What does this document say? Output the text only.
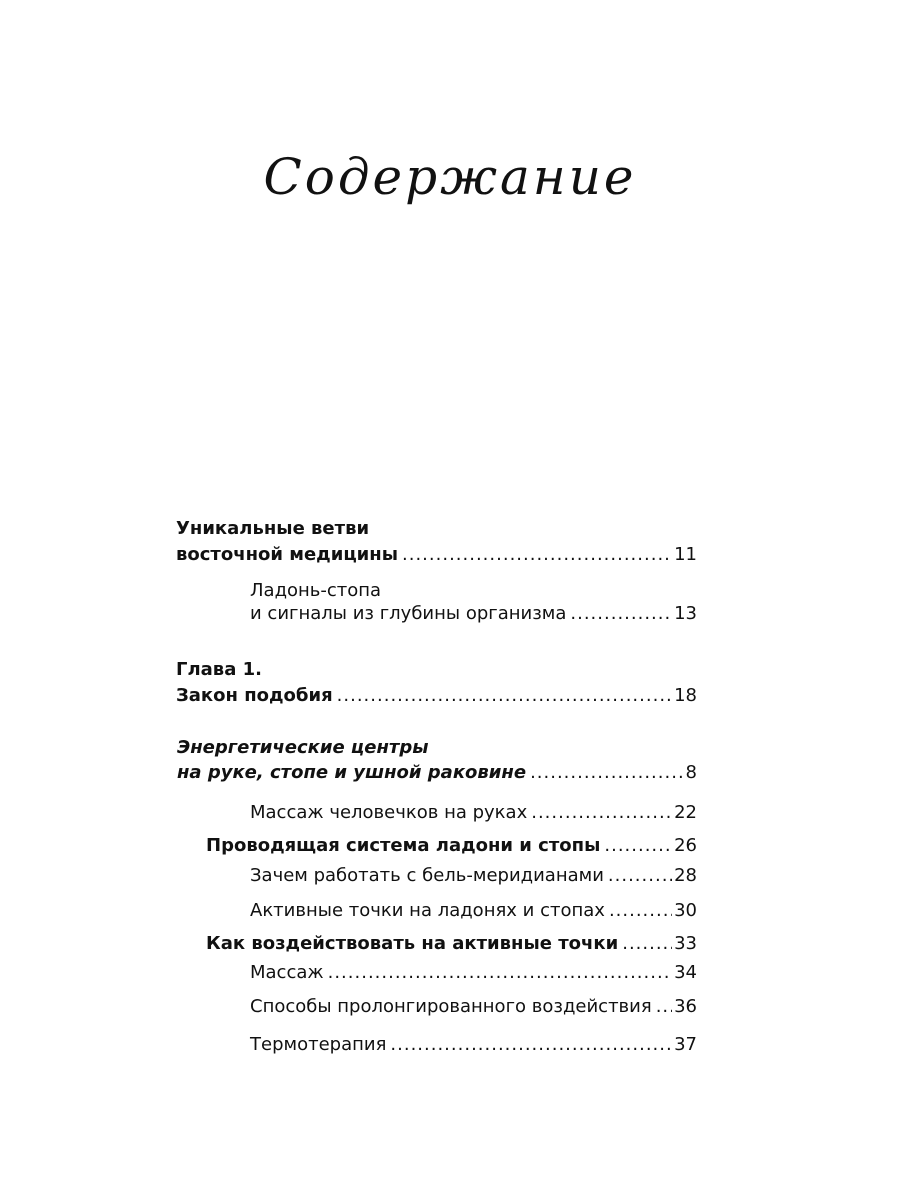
Содержание
Уникальные ветви
восточной медицины .....	11
Ладонь-стопа
и сигналы из глубины организма .....	13
Глава 1.
Закон подобия .....	18
Энергетические центры
на руке, стопе и ушной раковине .....	8
Массаж человечков на руках .....	22
Проводящая система ладони и стопы .....	26
Зачем работать с бель-меридианами .....	28
Активные точки на ладонях и стопах .....	30
Как воздействовать на активные точки .....	33
Массаж .....	34
Способы пролонгированного воздействия ..... 36
Термотерапия .....	37
